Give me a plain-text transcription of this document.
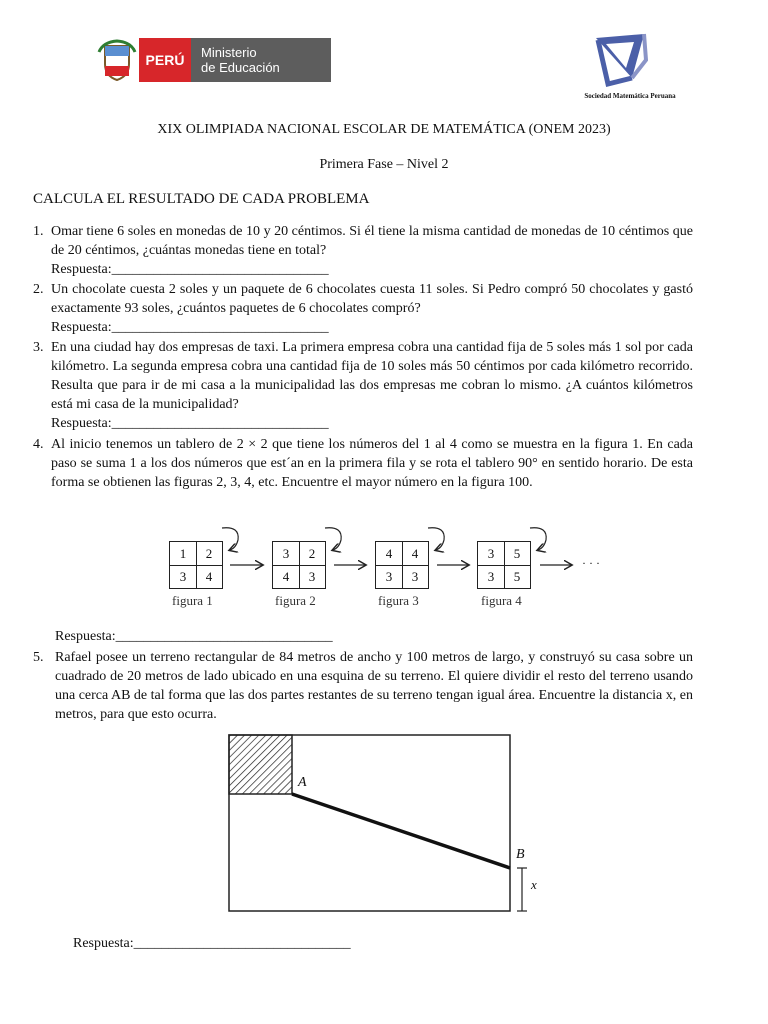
PERÚ	Ministerio
de Educación
Sociedad Matemática Peruana
XIX OLIMPIADA NACIONAL ESCOLAR DE MATEMÁTICA (ONEM 2023)
Primera Fase – Nivel 2
CALCULA EL RESULTADO DE CADA PROBLEMA
1. Omar tiene 6 soles en monedas de 10 y 20 céntimos. Si él tiene la misma cantidad de monedas de 10 céntimos que de 20 céntimos, ¿cuántas monedas tiene en total?
Respuesta:_______________________________
2. Un chocolate cuesta 2 soles y un paquete de 6 chocolates cuesta 11 soles. Si Pedro compró 50 chocolates y gastó exactamente 93 soles, ¿cuántos paquetes de 6 chocolates compró?
Respuesta:_______________________________
3. En una ciudad hay dos empresas de taxi. La primera empresa cobra una cantidad fija de 5 soles más 1 sol por cada kilómetro. La segunda empresa cobra una cantidad fija de 10 soles más 50 céntimos por cada kilómetro recorrido. Resulta que para ir de mi casa a la municipalidad las dos empresas me cobran lo mismo. ¿A cuántos kilómetros está mi casa de la municipalidad?
Respuesta:_______________________________
4. Al inicio tenemos un tablero de 2 × 2 que tiene los números del 1 al 4 como se muestra en la figura 1. En cada paso se suma 1 a los dos números que est´an en la primera fila y se rota el tablero 90° en sentido horario. De esta forma se obtienen las figuras 2, 3, 4, etc. Encuentre el mayor número en la figura 100.
1	2
3	4
figura 1
3	2
4	3
figura 2
4	4
3	3
figura 3
3	5
3	5
figura 4
· · ·
Respuesta:_______________________________
5. Rafael posee un terreno rectangular de 84 metros de ancho y 100 metros de largo, y construyó su casa sobre un cuadrado de 20 metros de lado ubicado en una esquina de su terreno. El quiere dividir el resto del terreno usando una cerca AB de tal forma que las dos partes restantes de su terreno tengan igual área. Encuentre la distancia x, en metros, para que esto ocurra.
A
B
x
Respuesta:_______________________________
